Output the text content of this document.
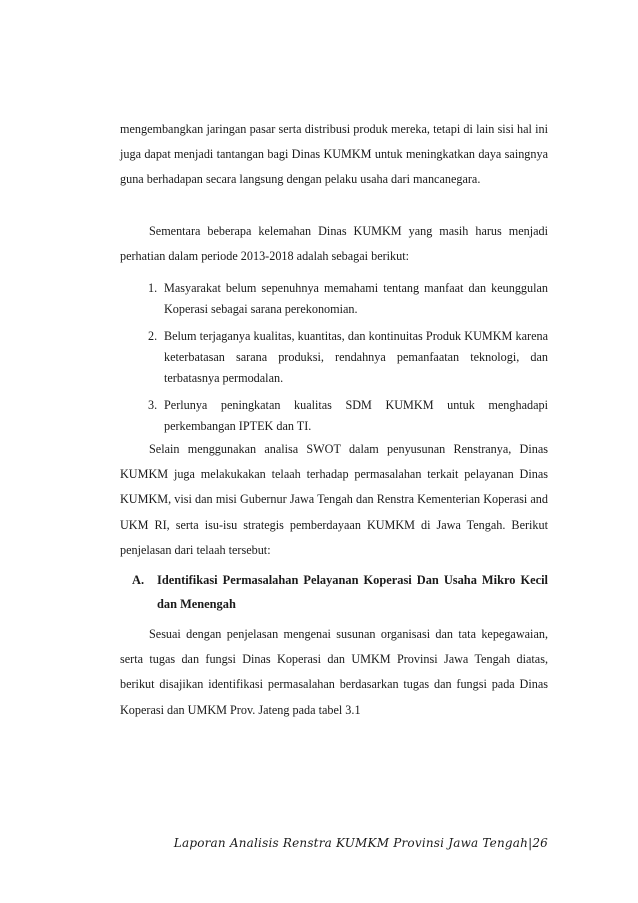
mengembangkan jaringan pasar serta distribusi produk mereka, tetapi di lain sisi hal ini juga dapat menjadi tantangan bagi Dinas KUMKM untuk meningkatkan daya saingnya guna berhadapan secara langsung dengan pelaku usaha dari mancanegara.

Sementara beberapa kelemahan Dinas KUMKM yang masih harus menjadi perhatian dalam periode 2013-2018 adalah sebagai berikut:

1. Masyarakat belum sepenuhnya memahami tentang manfaat dan keunggulan Koperasi sebagai sarana perekonomian.
2. Belum terjaganya kualitas, kuantitas, dan kontinuitas Produk KUMKM karena keterbatasan sarana produksi, rendahnya pemanfaatan teknologi, dan terbatasnya permodalan.
3. Perlunya peningkatan kualitas SDM KUMKM untuk menghadapi perkembangan IPTEK dan TI.

Selain menggunakan analisa SWOT dalam penyusunan Renstranya, Dinas KUMKM juga melakukakan telaah terhadap permasalahan terkait pelayanan Dinas KUMKM, visi dan misi Gubernur Jawa Tengah dan Renstra Kementerian Koperasi and UKM RI, serta isu-isu strategis pemberdayaan KUMKM di Jawa Tengah. Berikut penjelasan dari telaah tersebut:

A.	Identifikasi Permasalahan Pelayanan Koperasi Dan Usaha Mikro Kecil dan Menengah

Sesuai dengan penjelasan mengenai susunan organisasi dan tata kepegawaian, serta tugas dan fungsi Dinas Koperasi dan UMKM Provinsi Jawa Tengah diatas, berikut disajikan identifikasi permasalahan berdasarkan tugas dan fungsi pada Dinas Koperasi dan UMKM Prov. Jateng pada tabel 3.1

Laporan Analisis Renstra KUMKM Provinsi Jawa Tengah|26
